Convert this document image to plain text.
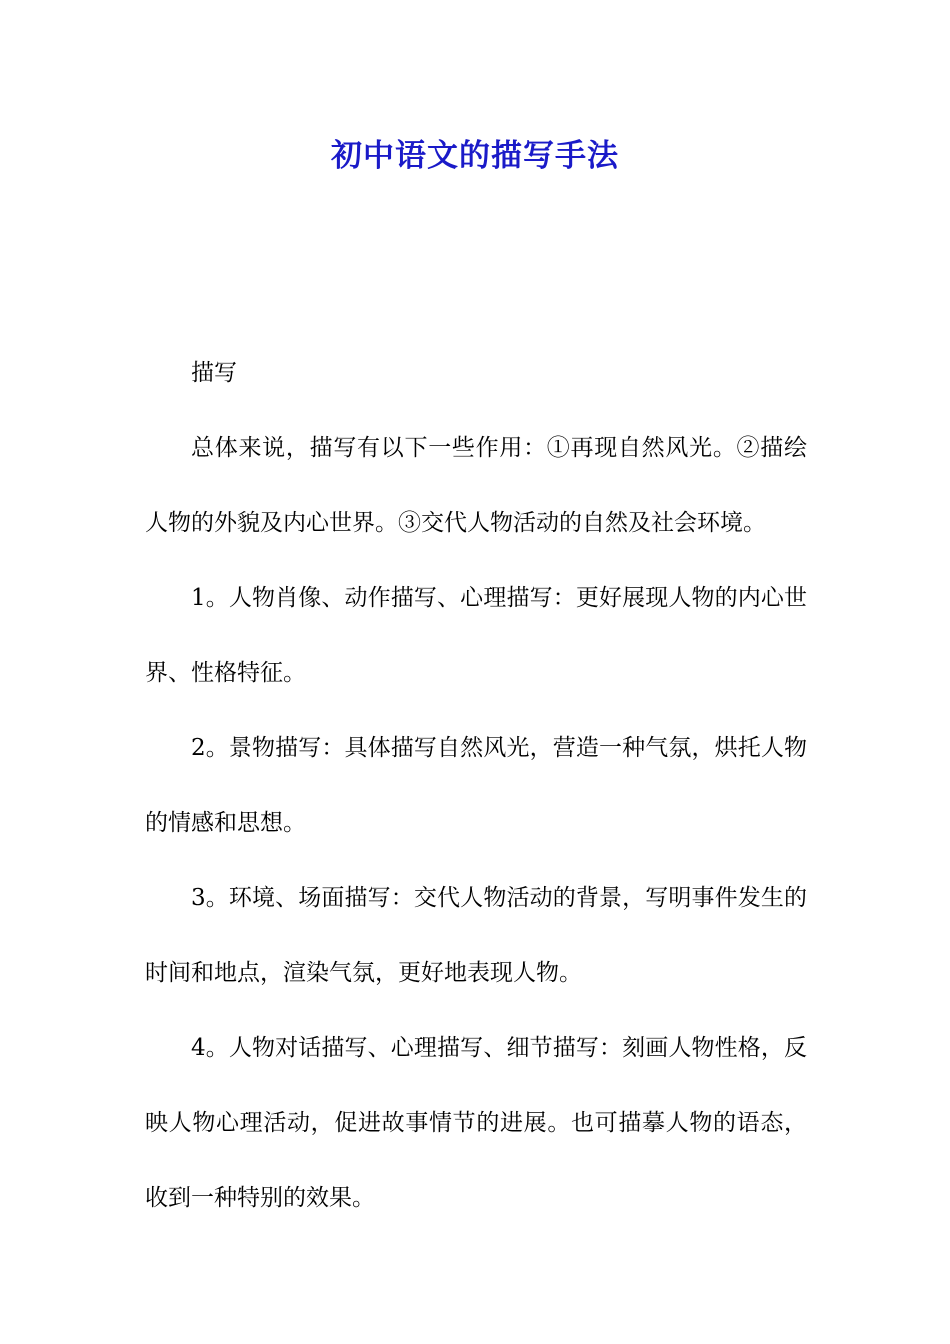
初中语文的描写手法

描写

总体来说，描写有以下一些作用：①再现自然风光。②描绘人物的外貌及内心世界。③交代人物活动的自然及社会环境。

1。人物肖像、动作描写、心理描写：更好展现人物的内心世界、性格特征。

2。景物描写：具体描写自然风光，营造一种气氛，烘托人物的情感和思想。

3。环境、场面描写：交代人物活动的背景，写明事件发生的时间和地点，渲染气氛，更好地表现人物。

4。人物对话描写、心理描写、细节描写：刻画人物性格，反映人物心理活动，促进故事情节的进展。也可描摹人物的语态，收到一种特别的效果。
